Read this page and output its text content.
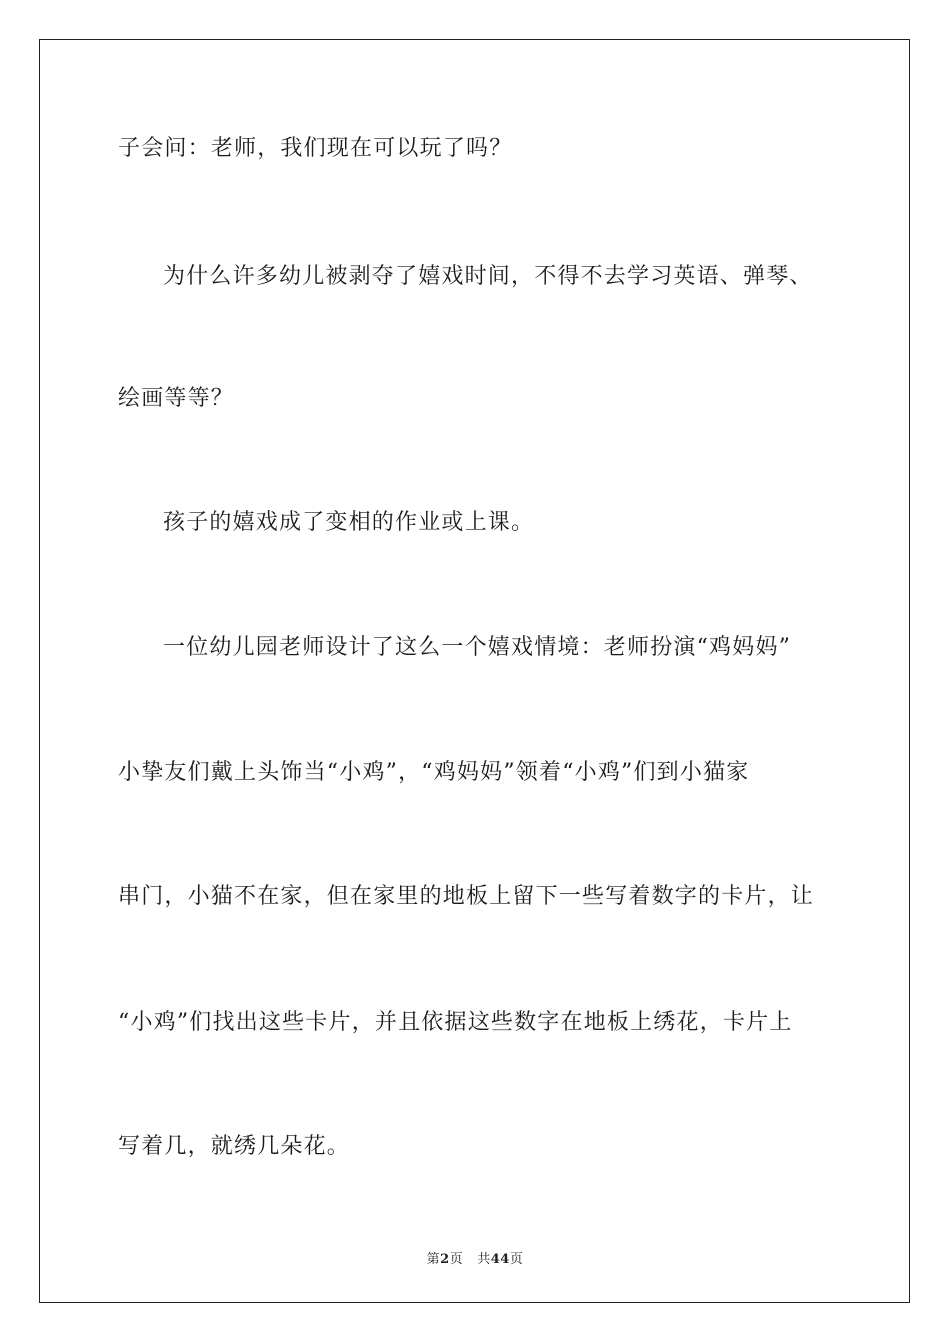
子会问：老师，我们现在可以玩了吗？
为什么许多幼儿被剥夺了嬉戏时间，不得不去学习英语、弹琴、
绘画等等？
孩子的嬉戏成了变相的作业或上课。
一位幼儿园老师设计了这么一个嬉戏情境：老师扮演“鸡妈妈”
小挚友们戴上头饰当“小鸡”，“鸡妈妈”领着“小鸡”们到小猫家
串门，小猫不在家，但在家里的地板上留下一些写着数字的卡片，让
“小鸡”们找出这些卡片，并且依据这些数字在地板上绣花，卡片上
写着几，就绣几朵花。
第2页 共44页
